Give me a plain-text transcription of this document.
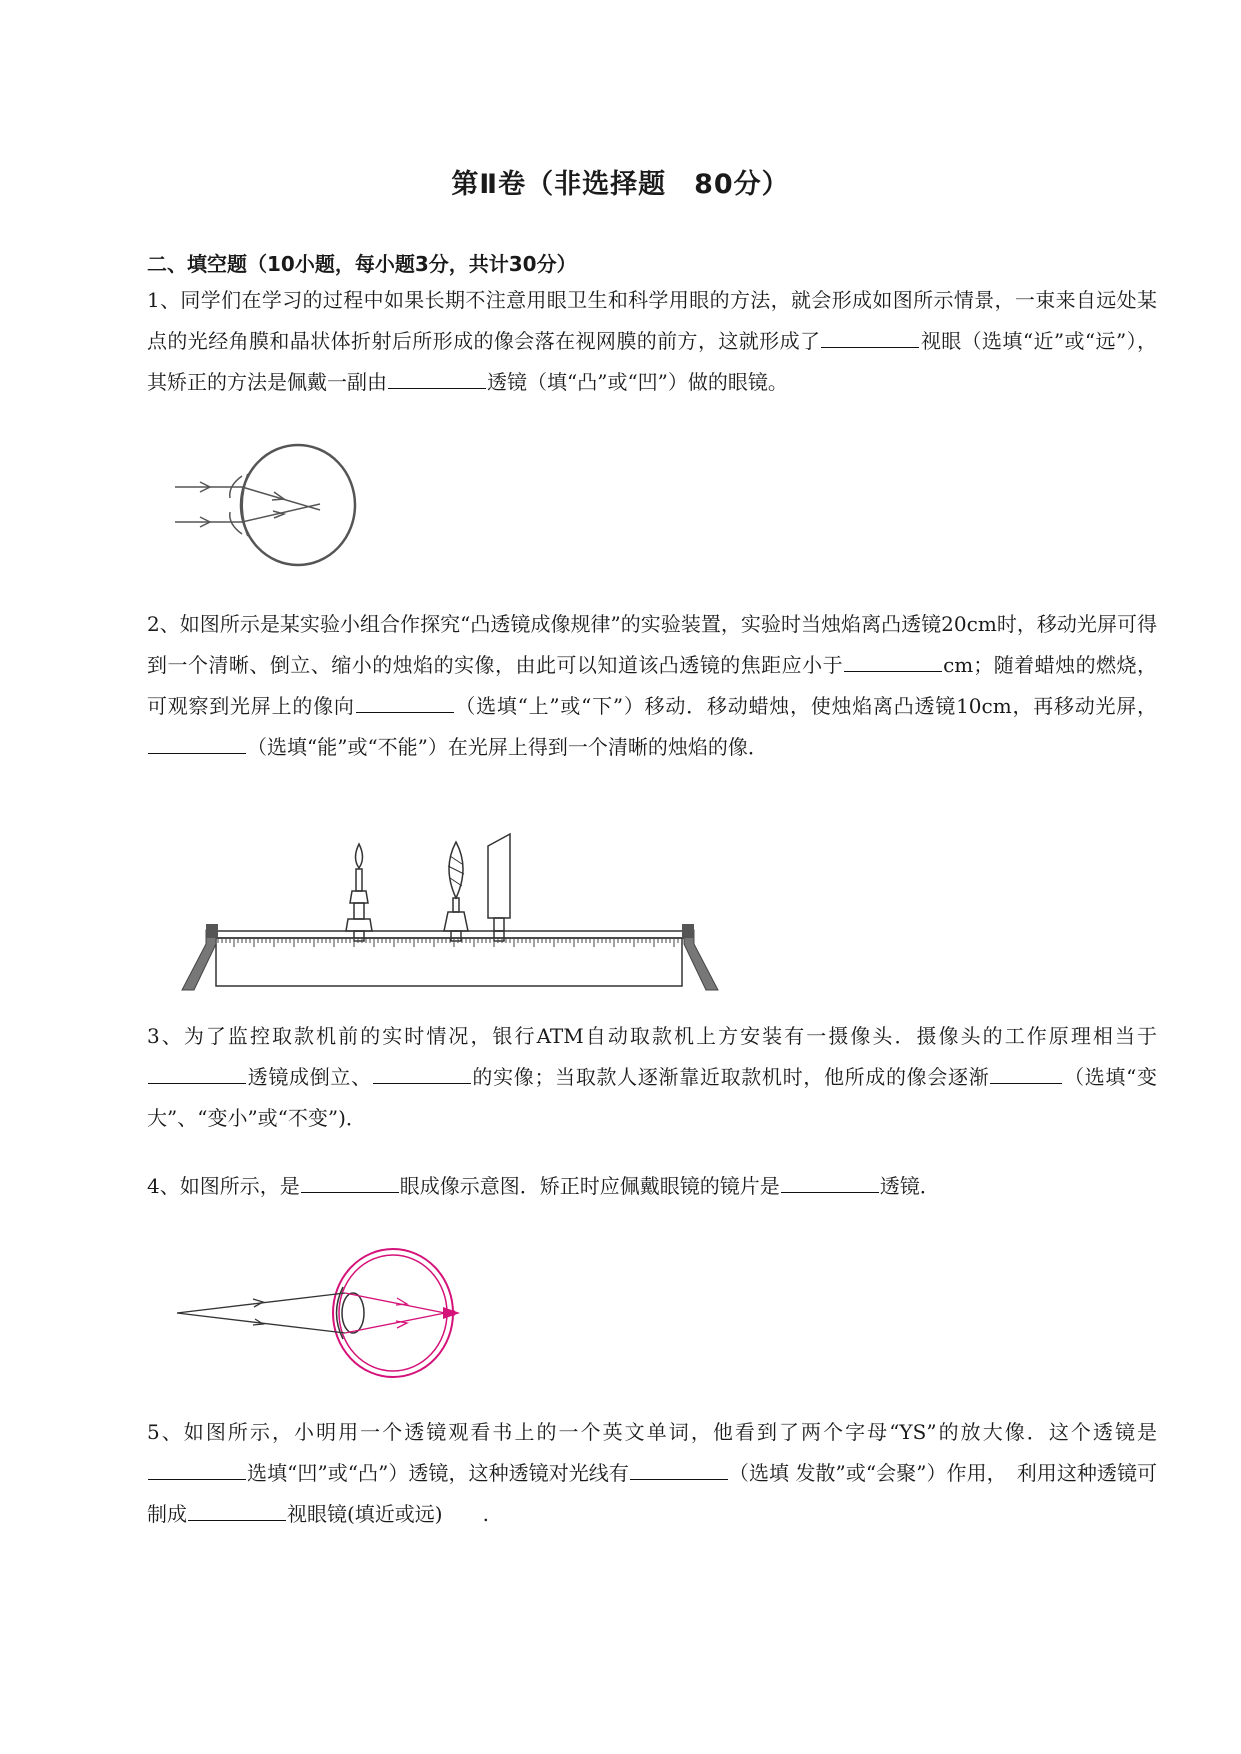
第Ⅱ卷（非选择题　80分）
二、填空题（10小题，每小题3分，共计30分）
1、同学们在学习的过程中如果长期不注意用眼卫生和科学用眼的方法，就会形成如图所示情景，一束来自远处某点的光经角膜和晶状体折射后所形成的像会落在视网膜的前方，这就形成了	视眼（选填“近”或“远”），其矫正的方法是佩戴一副由	透镜（填“凸”或“凹”）做的眼镜。
2、如图所示是某实验小组合作探究“凸透镜成像规律”的实验装置，实验时当烛焰离凸透镜20cm时，移动光屏可得到一个清晰、倒立、缩小的烛焰的实像，由此可以知道该凸透镜的焦距应小于	cm；随着蜡烛的燃烧，可观察到光屏上的像向	（选填“上”或“下”）移动．移动蜡烛，使烛焰离凸透镜10cm，再移动光屏，（选填“能”或“不能”）在光屏上得到一个清晰的烛焰的像．
3、为了监控取款机前的实时情况，银行ATM自动取款机上方安装有一摄像头．摄像头的工作原理相当于透镜成倒立、	的实像；当取款人逐渐靠近取款机时，他所成的像会逐渐	（选填“变大”、“变小”或“不变”)．
4、如图所示，是	眼成像示意图．矫正时应佩戴眼镜的镜片是	透镜．
5、如图所示，小明用一个透镜观看书上的一个英文单词，他看到了两个字母“YS”的放大像．这个透镜是选填“凹”或“凸”）透镜，这种透镜对光线有	（选填 发散”或“会聚”）作用，　利用这种透镜可制成	视眼镜(填近或远)　　.
